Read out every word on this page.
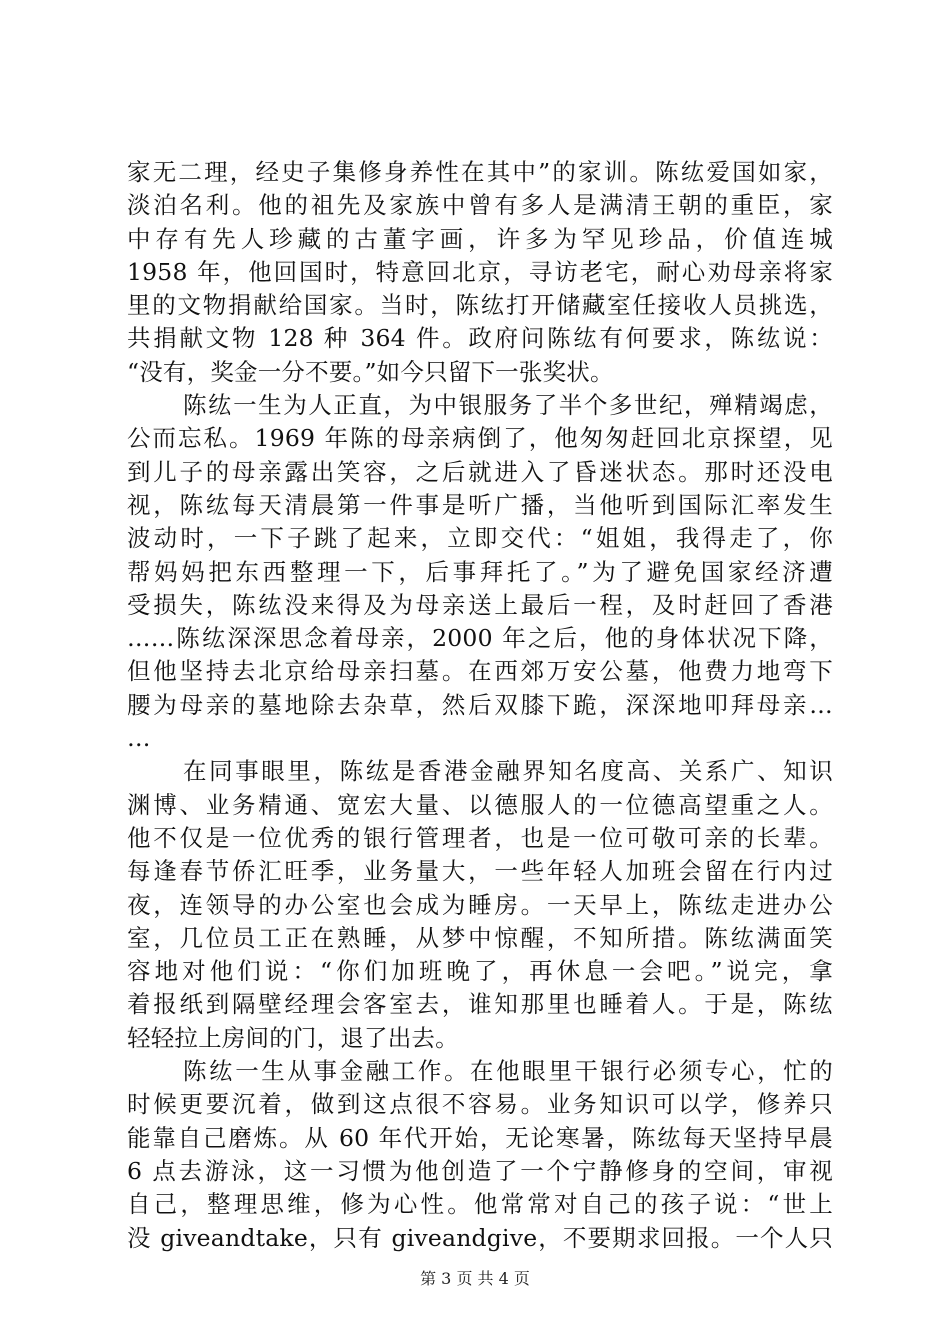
家无二理，经史子集修身养性在其中”的家训。陈纮爱国如家，
淡泊名利。他的祖先及家族中曾有多人是满清王朝的重臣，家
中存有先人珍藏的古董字画，许多为罕见珍品，价值连城
1958 年，他回国时，特意回北京，寻访老宅，耐心劝母亲将家
里的文物捐献给国家。当时，陈纮打开储藏室任接收人员挑选，
共捐献文物 128 种 364 件。政府问陈纮有何要求，陈纮说：
“没有，奖金一分不要。”如今只留下一张奖状。
陈纮一生为人正直，为中银服务了半个多世纪，殚精竭虑，
公而忘私。1969 年陈的母亲病倒了，他匆匆赶回北京探望，见
到儿子的母亲露出笑容，之后就进入了昏迷状态。那时还没电
视，陈纮每天清晨第一件事是听广播，当他听到国际汇率发生
波动时，一下子跳了起来，立即交代：“姐姐，我得走了，你
帮妈妈把东西整理一下，后事拜托了。”为了避免国家经济遭
受损失，陈纮没来得及为母亲送上最后一程，及时赶回了香港
……陈纮深深思念着母亲，2000 年之后，他的身体状况下降，
但他坚持去北京给母亲扫墓。在西郊万安公墓，他费力地弯下
腰为母亲的墓地除去杂草，然后双膝下跪，深深地叩拜母亲…
…
在同事眼里，陈纮是香港金融界知名度高、关系广、知识
渊博、业务精通、宽宏大量、以德服人的一位德高望重之人。
他不仅是一位优秀的银行管理者，也是一位可敬可亲的长辈。
每逢春节侨汇旺季，业务量大，一些年轻人加班会留在行内过
夜，连领导的办公室也会成为睡房。一天早上，陈纮走进办公
室，几位员工正在熟睡，从梦中惊醒，不知所措。陈纮满面笑
容地对他们说：“你们加班晚了，再休息一会吧。”说完，拿
着报纸到隔壁经理会客室去，谁知那里也睡着人。于是，陈纮
轻轻拉上房间的门，退了出去。
陈纮一生从事金融工作。在他眼里干银行必须专心，忙的
时候更要沉着，做到这点很不容易。业务知识可以学，修养只
能靠自己磨炼。从 60 年代开始，无论寒暑，陈纮每天坚持早晨
6 点去游泳，这一习惯为他创造了一个宁静修身的空间，审视
自己，整理思维，修为心性。他常常对自己的孩子说：“世上
没 giveandtake，只有 giveandgive，不要期求回报。一个人只
第 3 页 共 4 页
